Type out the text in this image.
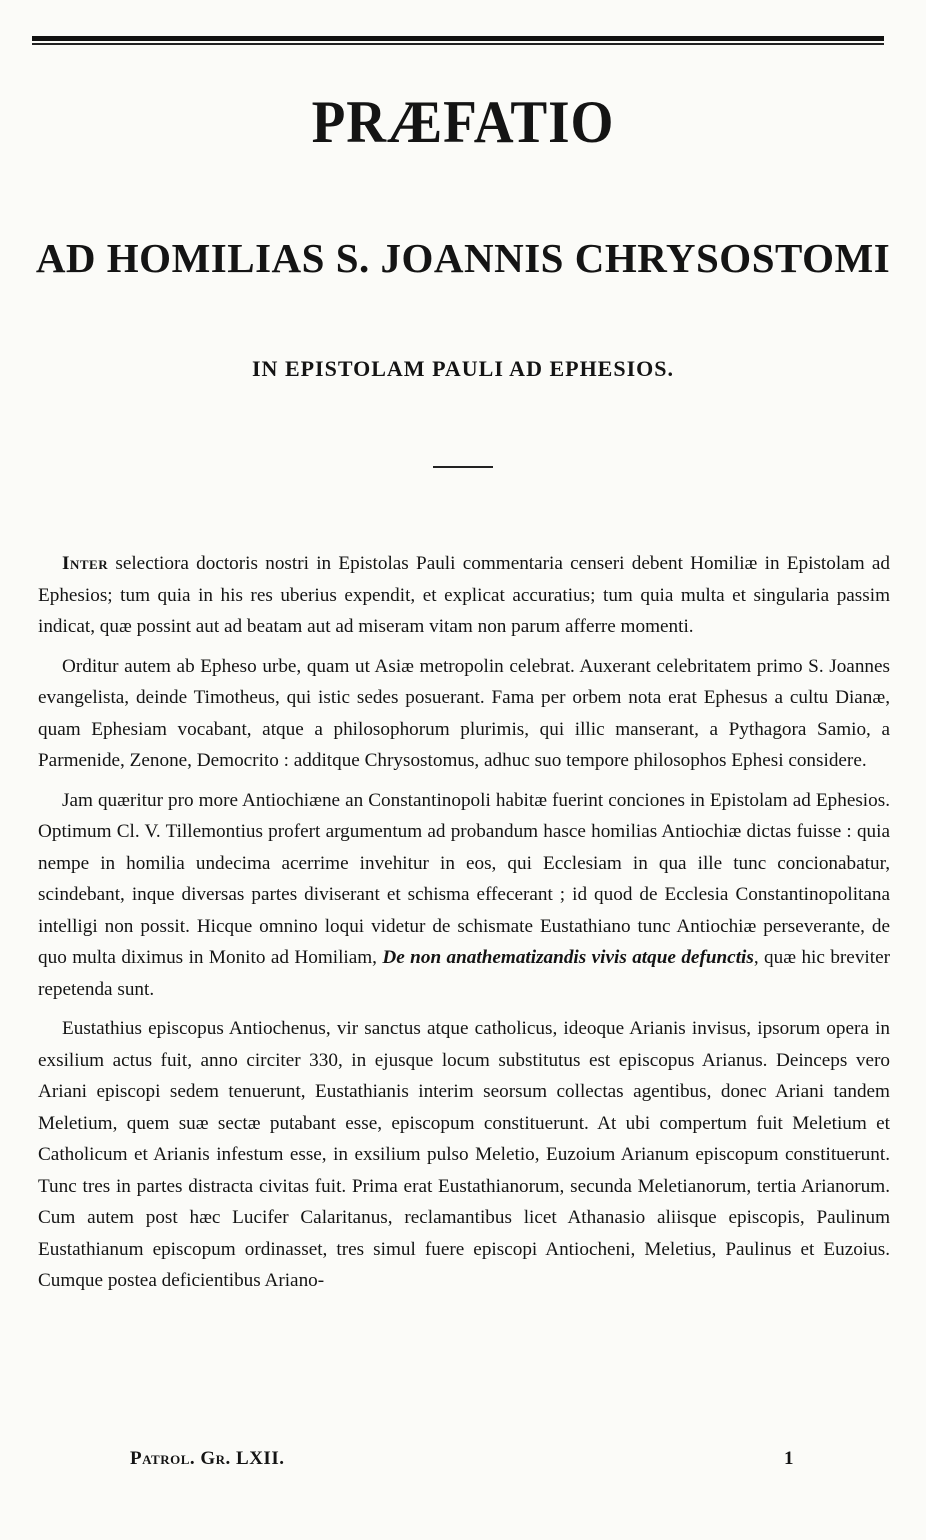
PRÆFATIO
AD HOMILIAS S. JOANNIS CHRYSOSTOMI
IN EPISTOLAM PAULI AD EPHESIOS.

Inter selectiora doctoris nostri in Epistolas Pauli commentaria censeri debent Homiliæ in Epistolam ad Ephesios; tum quia in his res uberius expendit, et explicat accuratius; tum quia multa et singularia passim indicat, quæ possint aut ad beatam aut ad miseram vitam non parum afferre momenti.

Orditur autem ab Epheso urbe, quam ut Asiæ metropolin celebrat. Auxerant celebritatem primo S. Joannes evangelista, deinde Timotheus, qui istic sedes posuerant. Fama per orbem nota erat Ephesus a cultu Dianæ, quam Ephesiam vocabant, atque a philosophorum plurimis, qui illic manserant, a Pythagora Samio, a Parmenide, Zenone, Democrito : additque Chrysostomus, adhuc suo tempore philosophos Ephesi considere.

Jam quæritur pro more Antiochiæne an Constantinopoli habitæ fuerint conciones in Epistolam ad Ephesios. Optimum Cl. V. Tillemontius profert argumentum ad probandum hasce homilias Antiochiæ dictas fuisse : quia nempe in homilia undecima acerrime invehitur in eos, qui Ecclesiam in qua ille tunc concionabatur, scindebant, inque diversas partes diviserant et schisma effecerant ; id quod de Ecclesia Constantinopolitana intelligi non possit. Hicque omnino loqui videtur de schismate Eustathiano tunc Antiochiæ perseverante, de quo multa diximus in Monito ad Homiliam, De non anathematizandis vivis atque defunctis, quæ hic breviter repetenda sunt.

Eustathius episcopus Antiochenus, vir sanctus atque catholicus, ideoque Arianis invisus, ipsorum opera in exsilium actus fuit, anno circiter 330, in ejusque locum substitutus est episcopus Arianus. Deinceps vero Ariani episcopi sedem tenuerunt, Eustathianis interim seorsum collectas agentibus, donec Ariani tandem Meletium, quem suæ sectæ putabant esse, episcopum constituerunt. At ubi compertum fuit Meletium et Catholicum et Arianis infestum esse, in exsilium pulso Meletio, Euzoium Arianum episcopum constituerunt. Tunc tres in partes distracta civitas fuit. Prima erat Eustathianorum, secunda Meletianorum, tertia Arianorum. Cum autem post hæc Lucifer Calaritanus, reclamantibus licet Athanasio aliisque episcopis, Paulinum Eustathianum episcopum ordinasset, tres simul fuere episcopi Antiocheni, Meletius, Paulinus et Euzoius. Cumque postea deficientibus Ariano-

Patrol. Gr. LXII.	1
